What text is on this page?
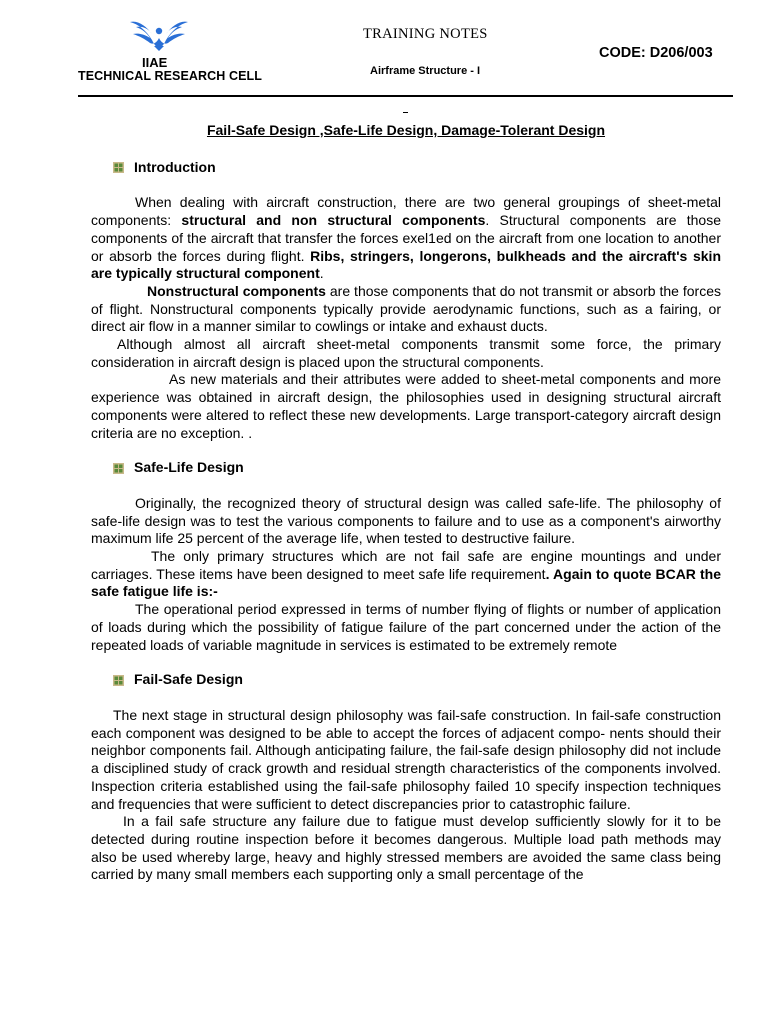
IIAE
TECHNICAL RESEARCH CELL
TRAINING NOTES
Airframe Structure - I
CODE: D206/003
Fail-Safe Design ,Safe-Life Design, Damage-Tolerant Design
Introduction

When dealing with aircraft construction, there are two general groupings of sheet-metal components: structural and non structural components. Structural components are those components of the aircraft that transfer the forces exel1ed on the aircraft from one location to another or absorb the forces during flight. Ribs, stringers, longerons, bulkheads and the aircraft's skin are typically structural component.

Nonstructural components are those components that do not transmit or absorb the forces of flight. Nonstructural components typically provide aerodynamic functions, such as a fairing, or direct air flow in a manner similar to cowlings or intake and exhaust ducts.

Although almost all aircraft sheet-metal components transmit some force, the primary consideration in aircraft design is placed upon the structural components.

As new materials and their attributes were added to sheet-metal components and more experience was obtained in aircraft design, the philosophies used in designing structural aircraft components were altered to reflect these new developments. Large transport-category aircraft design criteria are no exception. .

Safe-Life Design

Originally, the recognized theory of structural design was called safe-life. The philosophy of safe-life design was to test the various components to failure and to use as a component's airworthy maximum life 25 percent of the average life, when tested to destructive failure.

The only primary structures which are not fail safe are engine mountings and under carriages. These items have been designed to meet safe life requirement. Again to quote BCAR the safe fatigue life is:-

The operational period expressed in terms of number flying of flights or number of application of loads during which the possibility of fatigue failure of the part concerned under the action of the repeated loads of variable magnitude in services is estimated to be extremely remote

Fail-Safe Design

The next stage in structural design philosophy was fail-safe construction. In fail-safe construction each component was designed to be able to accept the forces of adjacent compo- nents should their neighbor components fail. Although anticipating failure, the fail-safe design philosophy did not include a disciplined study of crack growth and residual strength characteristics of the components involved. Inspection criteria established using the fail-safe philosophy failed 10 specify inspection techniques and frequencies that were sufficient to detect discrepancies prior to catastrophic failure.

In a fail safe structure any failure due to fatigue must develop sufficiently slowly for it to be detected during routine inspection before it becomes dangerous. Multiple load path methods may also be used whereby large, heavy and highly stressed members are avoided the same class being carried by many small members each supporting only a small percentage of the
